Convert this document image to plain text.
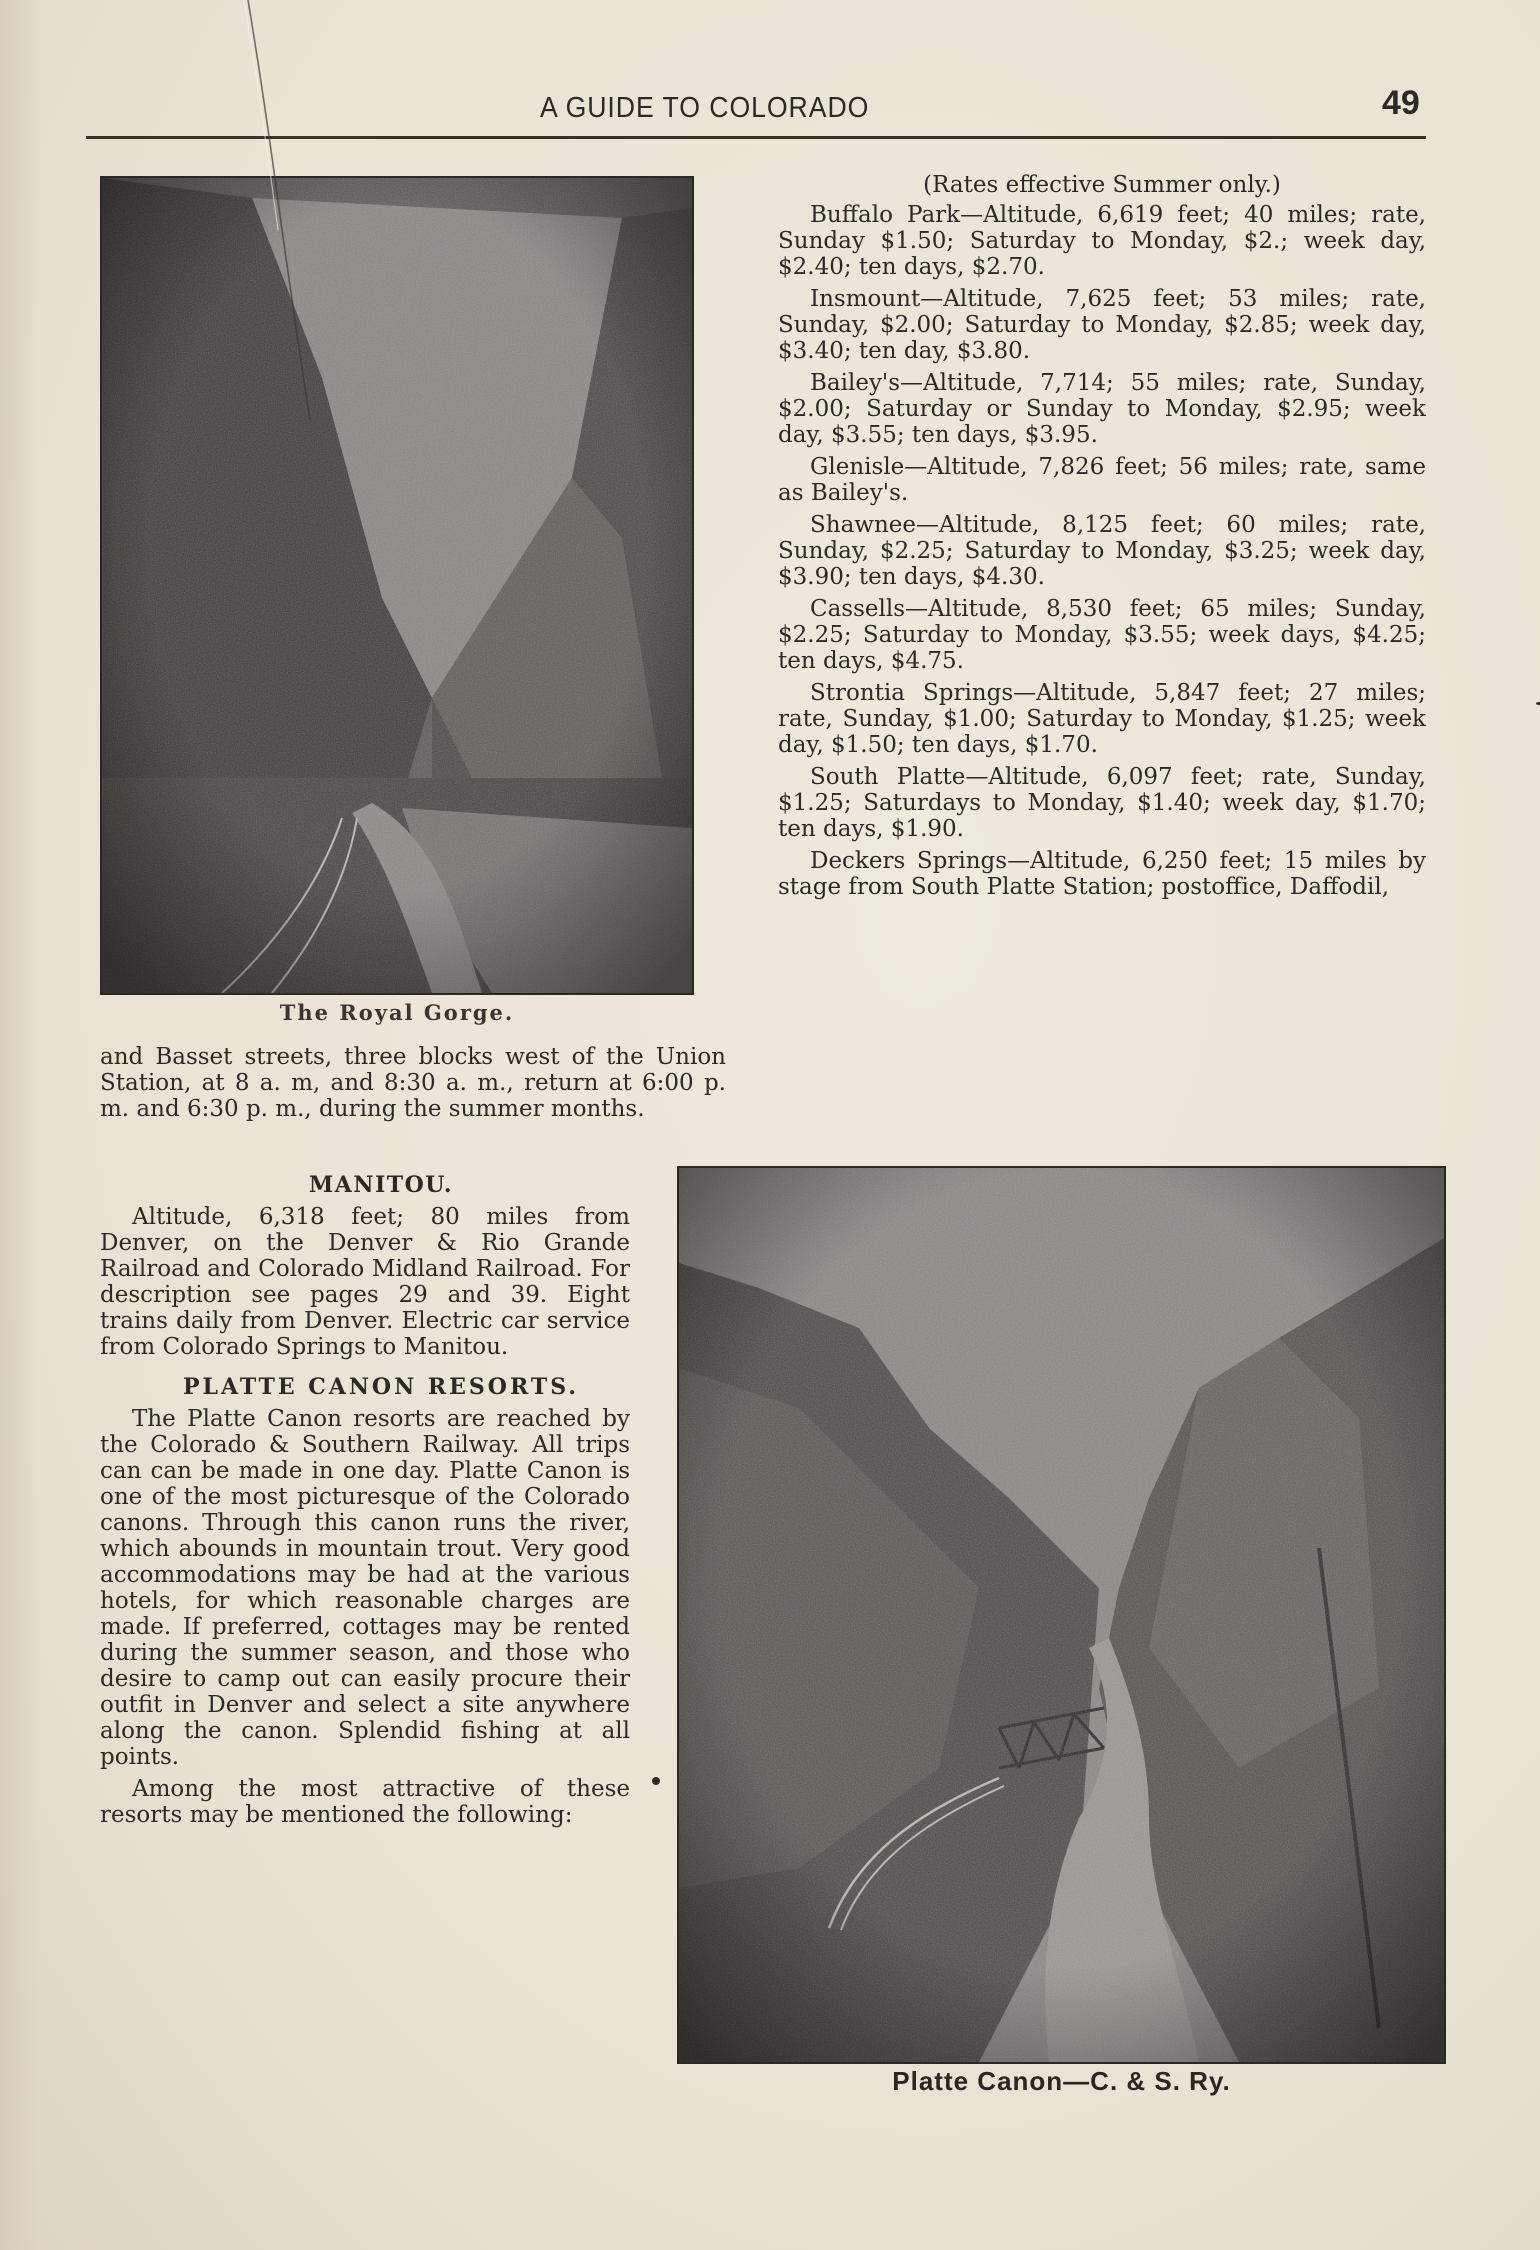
A GUIDE TO COLORADO	49
The Royal Gorge.

(Rates effective Summer only.)

Buffalo Park—Altitude, 6,619 feet; 40 miles; rate, Sunday $1.50; Saturday to Monday, $2.; week day, $2.40; ten days, $2.70.

Insmount—Altitude, 7,625 feet; 53 miles; rate, Sunday, $2.00; Saturday to Monday, $2.85; week day, $3.40; ten day, $3.80.

Bailey's—Altitude, 7,714; 55 miles; rate, Sunday, $2.00; Saturday or Sunday to Monday, $2.95; week day, $3.55; ten days, $3.95.

Glenisle—Altitude, 7,826 feet; 56 miles; rate, same as Bailey's.

Shawnee—Altitude, 8,125 feet; 60 miles; rate, Sunday, $2.25; Saturday to Monday, $3.25; week day, $3.90; ten days, $4.30.

Cassells—Altitude, 8,530 feet; 65 miles; Sunday, $2.25; Saturday to Monday, $3.55; week days, $4.25; ten days, $4.75.

Strontia Springs—Altitude, 5,847 feet; 27 miles; rate, Sunday, $1.00; Saturday to Monday, $1.25; week day, $1.50; ten days, $1.70.

South Platte—Altitude, 6,097 feet; rate, Sunday, $1.25; Saturdays to Monday, $1.40; week day, $1.70; ten days, $1.90.

Deckers Springs—Altitude, 6,250 feet; 15 miles by stage from South Platte Station; postoffice, Daffodil,

and Basset streets, three blocks west of the Union Station, at 8 a. m, and 8:30 a. m., return at 6:00 p. m. and 6:30 p. m., during the summer months.

MANITOU.

Altitude, 6,318 feet; 80 miles from Denver, on the Denver & Rio Grande Railroad and Colorado Midland Railroad. For description see pages 29 and 39. Eight trains daily from Denver. Electric car service from Colorado Springs to Manitou.

PLATTE CANON RESORTS.

The Platte Canon resorts are reached by the Colorado & Southern Railway. All trips can can be made in one day. Platte Canon is one of the most picturesque of the Colorado canons. Through this canon runs the river, which abounds in mountain trout. Very good accommodations may be had at the various hotels, for which reasonable charges are made. If preferred, cottages may be rented during the summer season, and those who desire to camp out can easily procure their outfit in Denver and select a site anywhere along the canon. Splendid fishing at all points.

Among the most attractive of these resorts may be mentioned the following:

Platte Canon—C. & S. Ry.
